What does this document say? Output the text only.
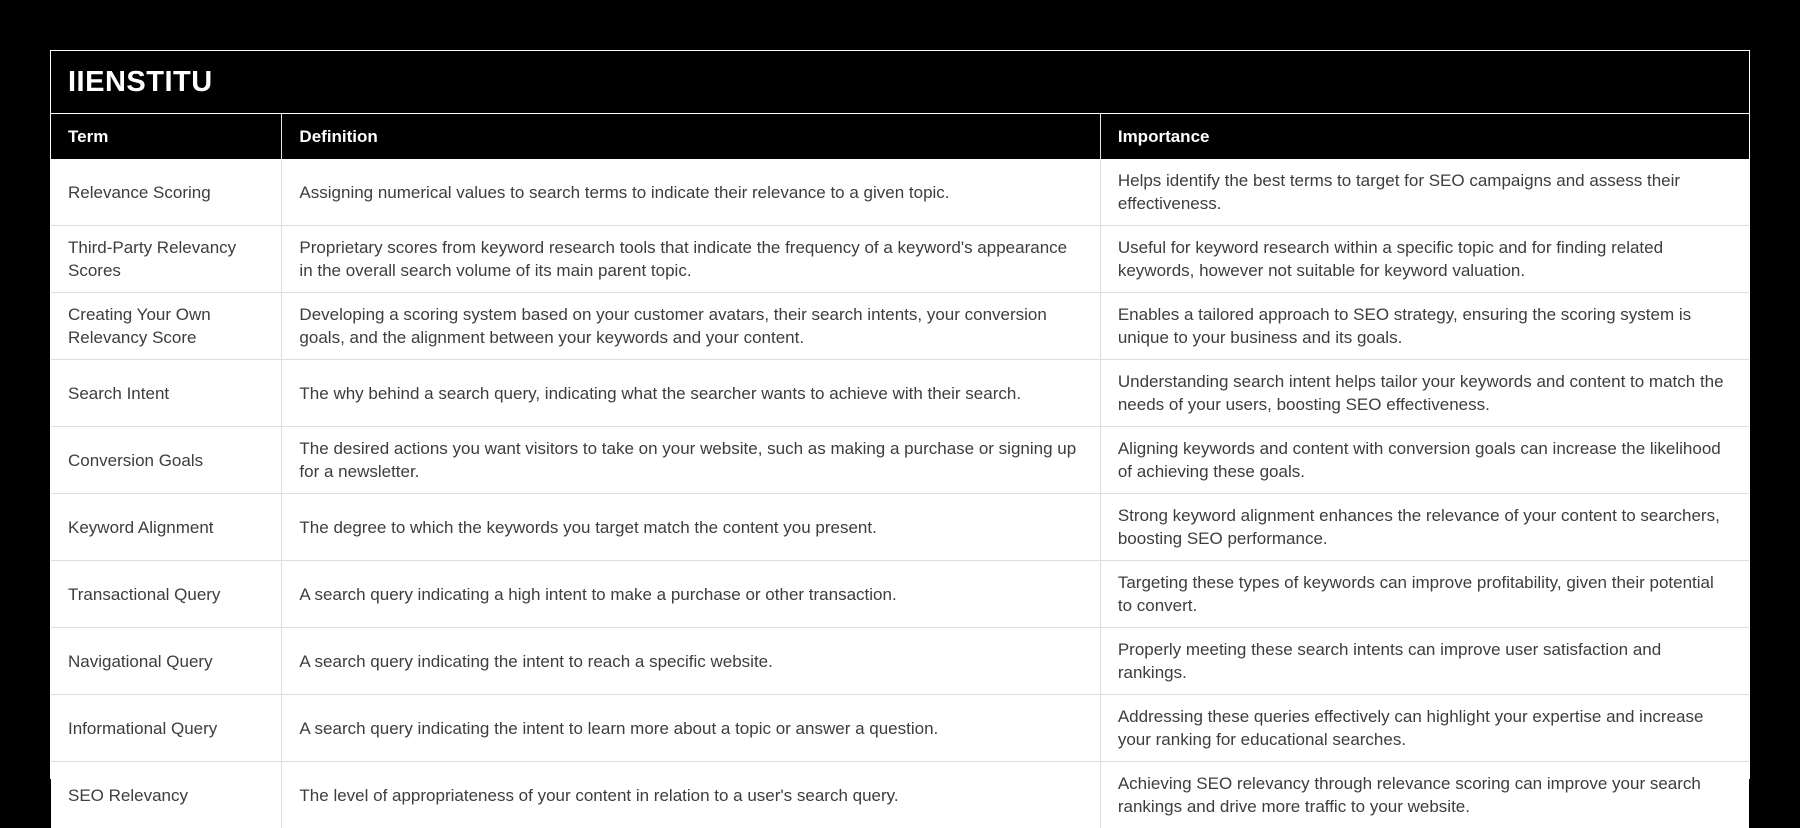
IIENSTITU
Term	Definition	Importance
Relevance Scoring	Assigning numerical values to search terms to indicate their relevance to a given topic.	Helps identify the best terms to target for SEO campaigns and assess their effectiveness.
Third-Party Relevancy Scores	Proprietary scores from keyword research tools that indicate the frequency of a keyword's appearance in the overall search volume of its main parent topic.	Useful for keyword research within a specific topic and for finding related keywords, however not suitable for keyword valuation.
Creating Your Own Relevancy Score	Developing a scoring system based on your customer avatars, their search intents, your conversion goals, and the alignment between your keywords and your content.	Enables a tailored approach to SEO strategy, ensuring the scoring system is unique to your business and its goals.
Search Intent	The why behind a search query, indicating what the searcher wants to achieve with their search.	Understanding search intent helps tailor your keywords and content to match the needs of your users, boosting SEO effectiveness.
Conversion Goals	The desired actions you want visitors to take on your website, such as making a purchase or signing up for a newsletter.	Aligning keywords and content with conversion goals can increase the likelihood of achieving these goals.
Keyword Alignment	The degree to which the keywords you target match the content you present.	Strong keyword alignment enhances the relevance of your content to searchers, boosting SEO performance.
Transactional Query	A search query indicating a high intent to make a purchase or other transaction.	Targeting these types of keywords can improve profitability, given their potential to convert.
Navigational Query	A search query indicating the intent to reach a specific website.	Properly meeting these search intents can improve user satisfaction and rankings.
Informational Query	A search query indicating the intent to learn more about a topic or answer a question.	Addressing these queries effectively can highlight your expertise and increase your ranking for educational searches.
SEO Relevancy	The level of appropriateness of your content in relation to a user's search query.	Achieving SEO relevancy through relevance scoring can improve your search rankings and drive more traffic to your website.
